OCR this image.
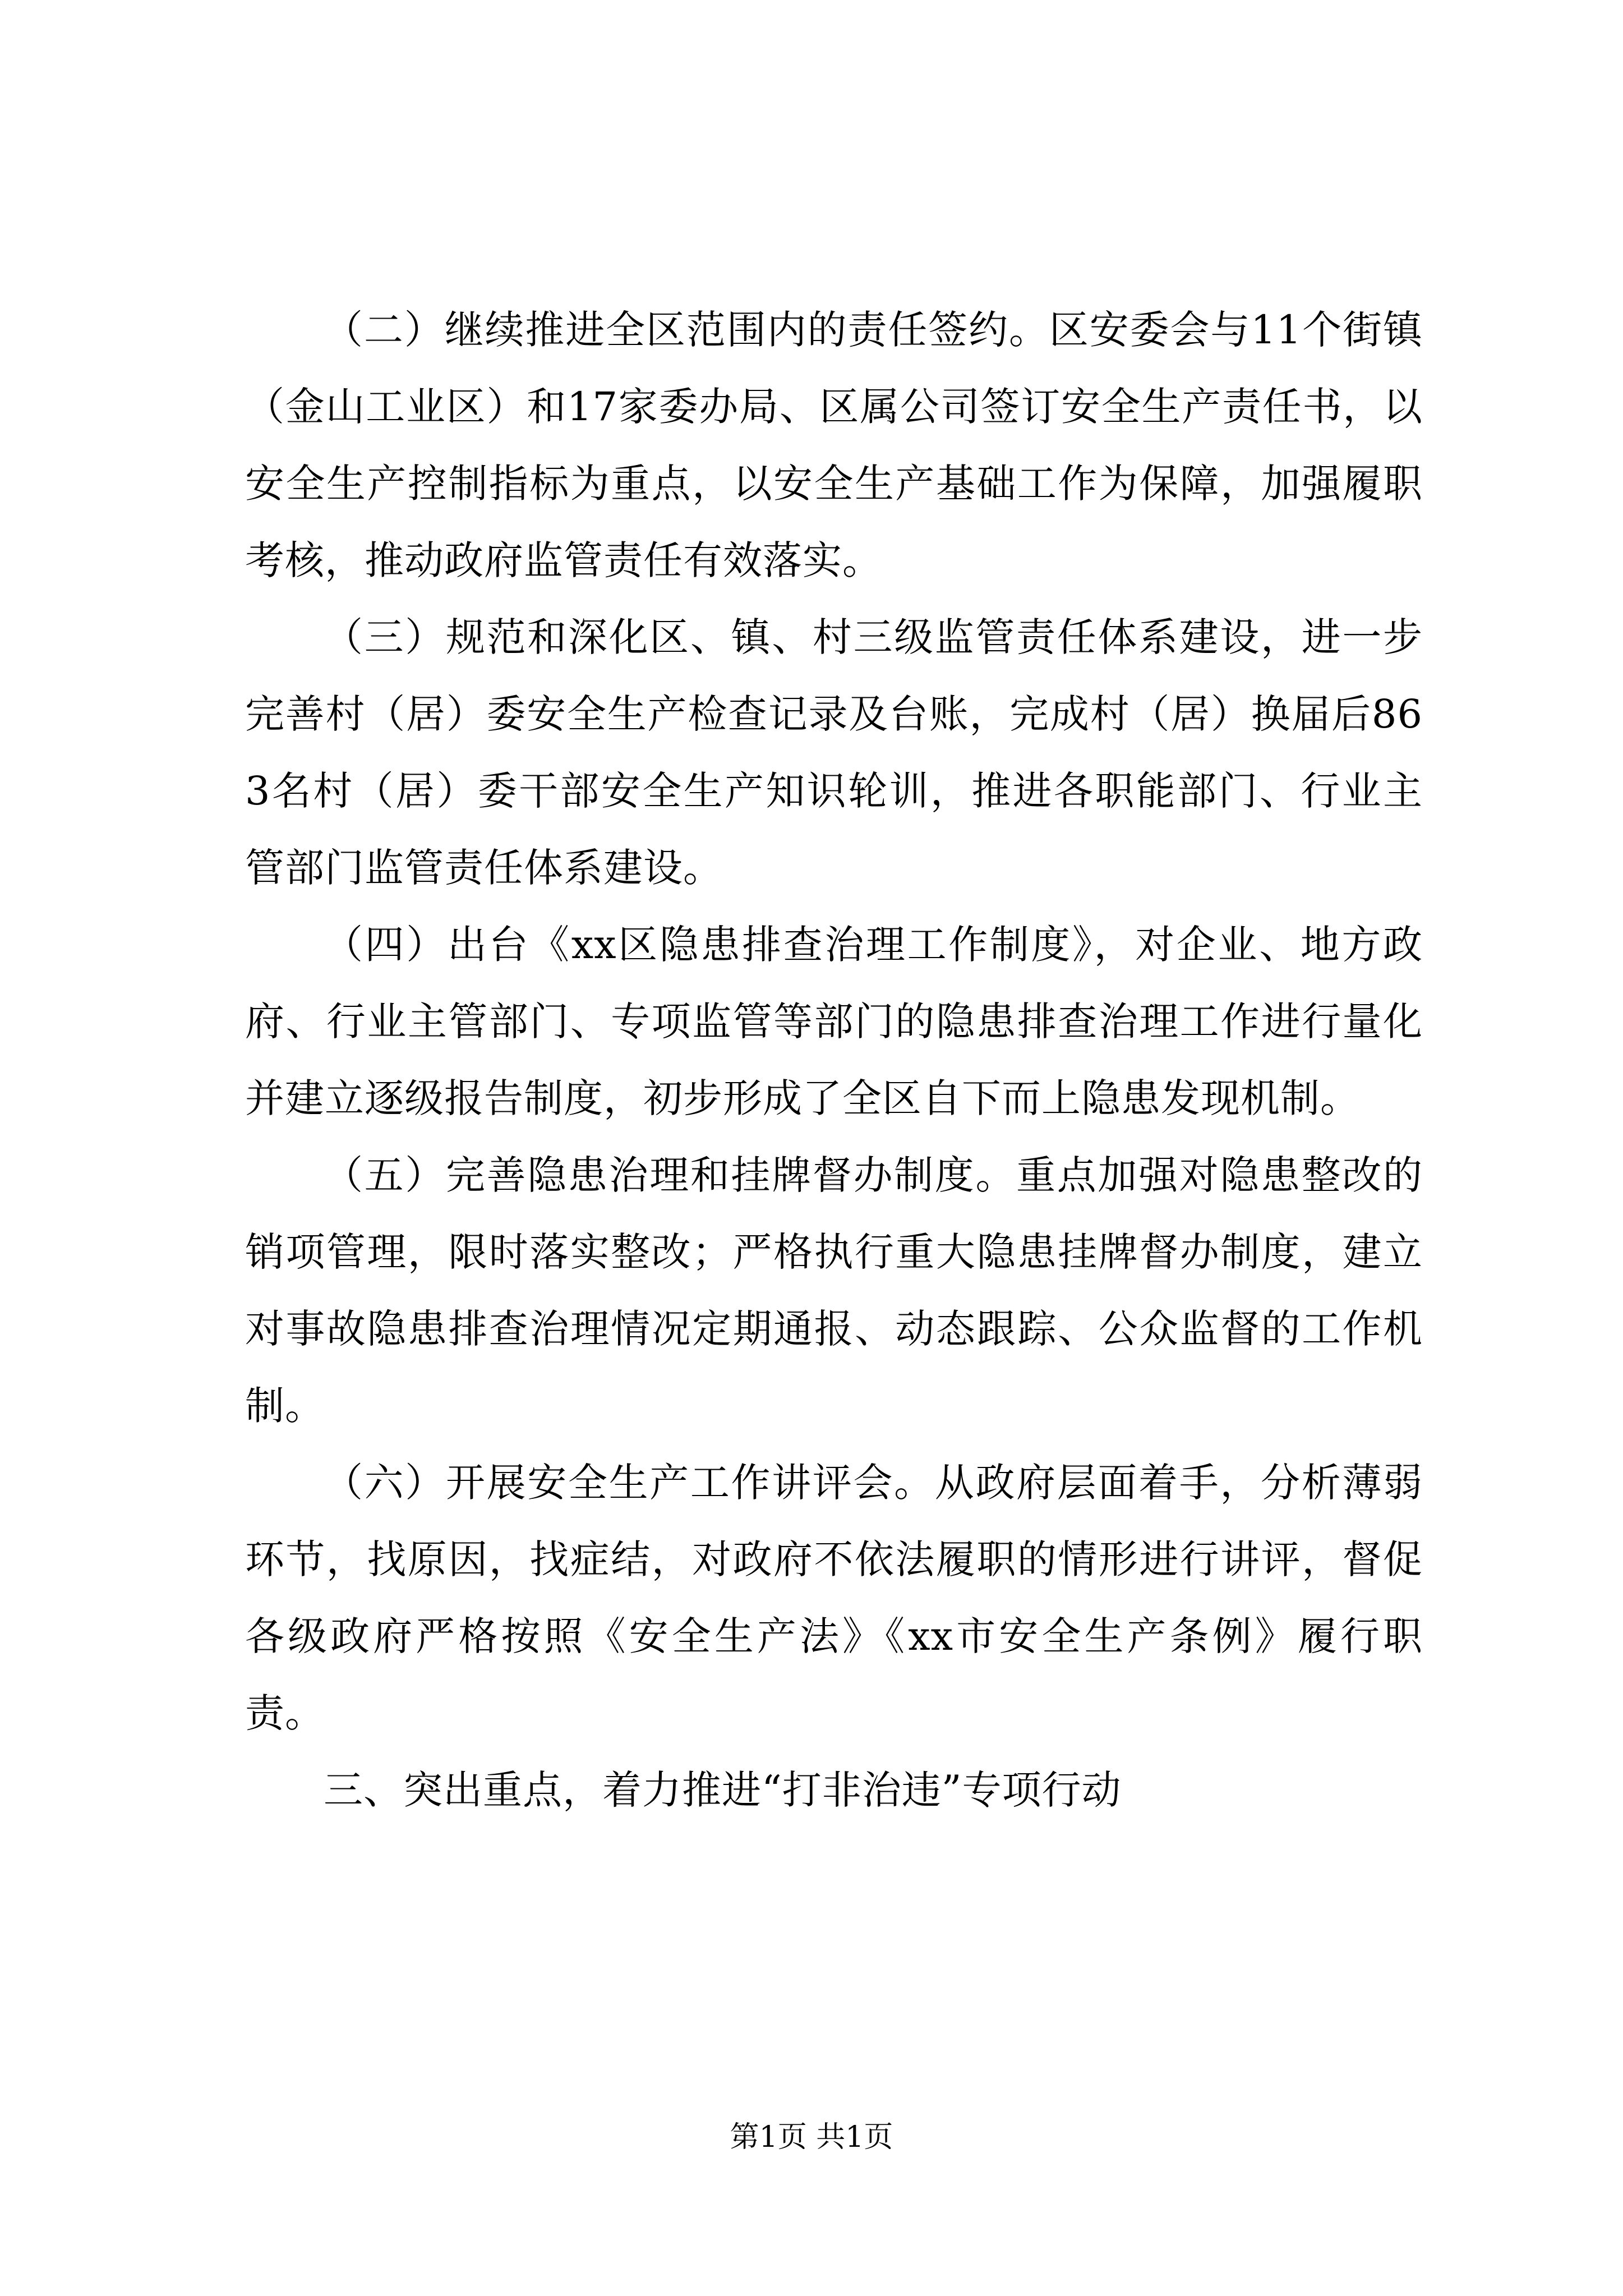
（二）继续推进全区范围内的责任签约。区安委会与11个街镇（金山工业区）和17家委办局、区属公司签订安全生产责任书，以安全生产控制指标为重点，以安全生产基础工作为保障，加强履职考核，推动政府监管责任有效落实。

（三）规范和深化区、镇、村三级监管责任体系建设，进一步完善村（居）委安全生产检查记录及台账，完成村（居）换届后863名村（居）委干部安全生产知识轮训，推进各职能部门、行业主管部门监管责任体系建设。

（四）出台《xx区隐患排查治理工作制度》，对企业、地方政府、行业主管部门、专项监管等部门的隐患排查治理工作进行量化并建立逐级报告制度，初步形成了全区自下而上隐患发现机制。

（五）完善隐患治理和挂牌督办制度。重点加强对隐患整改的销项管理，限时落实整改；严格执行重大隐患挂牌督办制度，建立对事故隐患排查治理情况定期通报、动态跟踪、公众监督的工作机制。

（六）开展安全生产工作讲评会。从政府层面着手，分析薄弱环节，找原因，找症结，对政府不依法履职的情形进行讲评，督促各级政府严格按照《安全生产法》《xx市安全生产条例》履行职责。

三、突出重点，着力推进“打非治违”专项行动

第1页 共1页
